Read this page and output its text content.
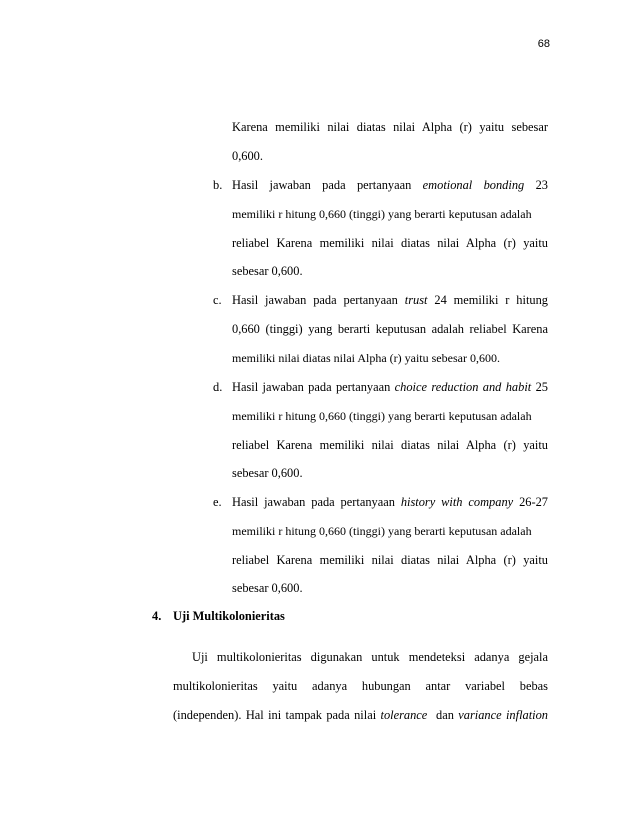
68
Karena memiliki nilai diatas nilai Alpha (r) yaitu sebesar
0,600.
b. Hasil jawaban pada pertanyaan emotional bonding 23
memiliki r hitung 0,660 (tinggi) yang berarti keputusan adalah
reliabel Karena memiliki nilai diatas nilai Alpha (r) yaitu
sebesar 0,600.
c. Hasil jawaban pada pertanyaan trust 24 memiliki r hitung
0,660 (tinggi) yang berarti keputusan adalah reliabel Karena
memiliki nilai diatas nilai Alpha (r) yaitu sebesar 0,600.
d. Hasil jawaban pada pertanyaan choice reduction and habit 25
memiliki r hitung 0,660 (tinggi) yang berarti keputusan adalah
reliabel Karena memiliki nilai diatas nilai Alpha (r) yaitu
sebesar 0,600.
e. Hasil jawaban pada pertanyaan history with company 26-27
memiliki r hitung 0,660 (tinggi) yang berarti keputusan adalah
reliabel Karena memiliki nilai diatas nilai Alpha (r) yaitu
sebesar 0,600.
4. Uji Multikolonieritas
Uji multikolonieritas digunakan untuk mendeteksi adanya gejala
multikolonieritas yaitu adanya hubungan antar variabel bebas
(independen). Hal ini tampak pada nilai tolerance  dan variance inflation
